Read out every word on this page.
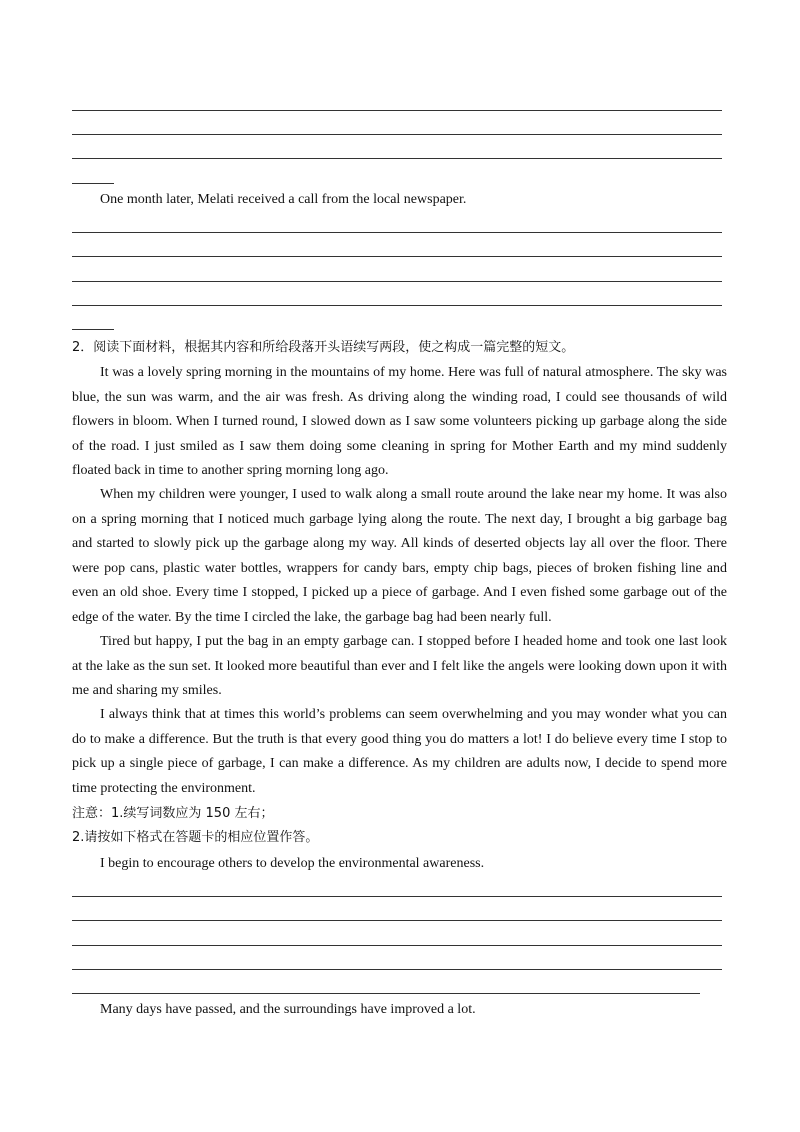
One month later, Melati received a call from the local newspaper.
2．阅读下面材料，根据其内容和所给段落开头语续写两段，使之构成一篇完整的短文。
It was a lovely spring morning in the mountains of my home. Here was full of natural atmosphere. The sky was blue, the sun was warm, and the air was fresh. As driving along the winding road, I could see thousands of wild flowers in bloom. When I turned round, I slowed down as I saw some volunteers picking up garbage along the side of the road. I just smiled as I saw them doing some cleaning in spring for Mother Earth and my mind suddenly floated back in time to another spring morning long ago.
When my children were younger, I used to walk along a small route around the lake near my home. It was also on a spring morning that I noticed much garbage lying along the route. The next day, I brought a big garbage bag and started to slowly pick up the garbage along my way. All kinds of deserted objects lay all over the floor. There were pop cans, plastic water bottles, wrappers for candy bars, empty chip bags, pieces of broken fishing line and even an old shoe. Every time I stopped, I picked up a piece of garbage. And I even fished some garbage out of the edge of the water. By the time I circled the lake, the garbage bag had been nearly full.
Tired but happy, I put the bag in an empty garbage can. I stopped before I headed home and took one last look at the lake as the sun set. It looked more beautiful than ever and I felt like the angels were looking down upon it with me and sharing my smiles.
I always think that at times this world’s problems can seem overwhelming and you may wonder what you can do to make a difference. But the truth is that every good thing you do matters a lot! I do believe every time I stop to pick up a single piece of garbage, I can make a difference. As my children are adults now, I decide to spend more time protecting the environment.
注意：1.续写词数应为 150 左右；
2.请按如下格式在答题卡的相应位置作答。
I begin to encourage others to develop the environmental awareness.
Many days have passed, and the surroundings have improved a lot.
